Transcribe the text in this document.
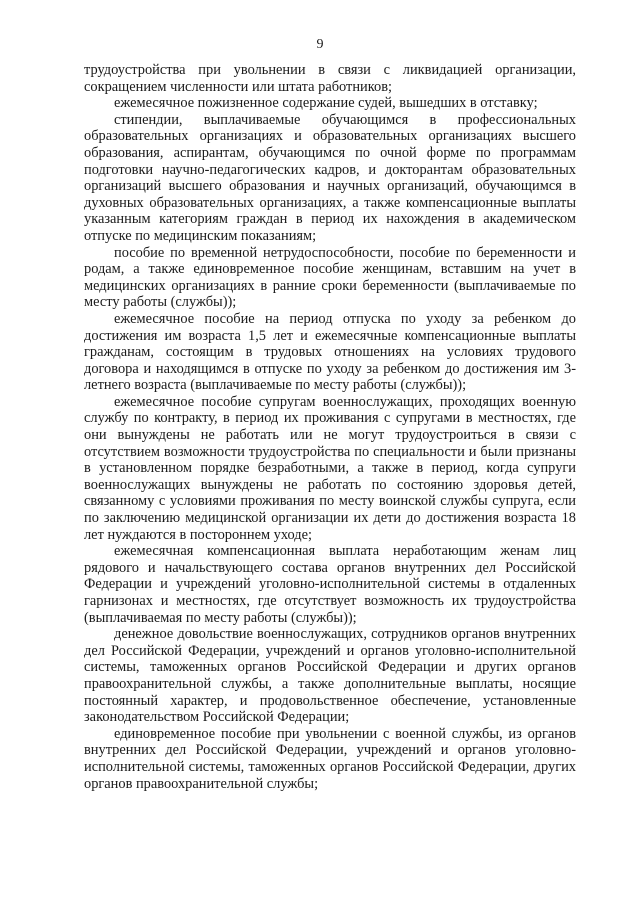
9

трудоустройства при увольнении в связи с ликвидацией организации, сокращением численности или штата работников;

ежемесячное пожизненное содержание судей, вышедших в отставку;

стипендии, выплачиваемые обучающимся в профессиональных образовательных организациях и образовательных организациях высшего образования, аспирантам, обучающимся по очной форме по программам подготовки научно-педагогических кадров, и докторантам образовательных организаций высшего образования и научных организаций, обучающимся в духовных образовательных организациях, а также компенсационные выплаты указанным категориям граждан в период их нахождения в академическом отпуске по медицинским показаниям;

пособие по временной нетрудоспособности, пособие по беременности и родам, а также единовременное пособие женщинам, вставшим на учет в медицинских организациях в ранние сроки беременности (выплачиваемые по месту работы (службы));

ежемесячное пособие на период отпуска по уходу за ребенком до достижения им возраста 1,5 лет и ежемесячные компенсационные выплаты гражданам, состоящим в трудовых отношениях на условиях трудового договора и находящимся в отпуске по уходу за ребенком до достижения им 3-летнего возраста (выплачиваемые по месту работы (службы));

ежемесячное пособие супругам военнослужащих, проходящих военную службу по контракту, в период их проживания с супругами в местностях, где они вынуждены не работать или не могут трудоустроиться в связи с отсутствием возможности трудоустройства по специальности и были признаны в установленном порядке безработными, а также в период, когда супруги военнослужащих вынуждены не работать по состоянию здоровья детей, связанному с условиями проживания по месту воинской службы супруга, если по заключению медицинской организации их дети до достижения возраста 18 лет нуждаются в постороннем уходе;

ежемесячная компенсационная выплата неработающим женам лиц рядового и начальствующего состава органов внутренних дел Российской Федерации и учреждений уголовно-исполнительной системы в отдаленных гарнизонах и местностях, где отсутствует возможность их трудоустройства (выплачиваемая по месту работы (службы));

денежное довольствие военнослужащих, сотрудников органов внутренних дел Российской Федерации, учреждений и органов уголовно-исполнительной системы, таможенных органов Российской Федерации и других органов правоохранительной службы, а также дополнительные выплаты, носящие постоянный характер, и продовольственное обеспечение, установленные законодательством Российской Федерации;

единовременное пособие при увольнении с военной службы, из органов внутренних дел Российской Федерации, учреждений и органов уголовно-исполнительной системы, таможенных органов Российской Федерации, других органов правоохранительной службы;
